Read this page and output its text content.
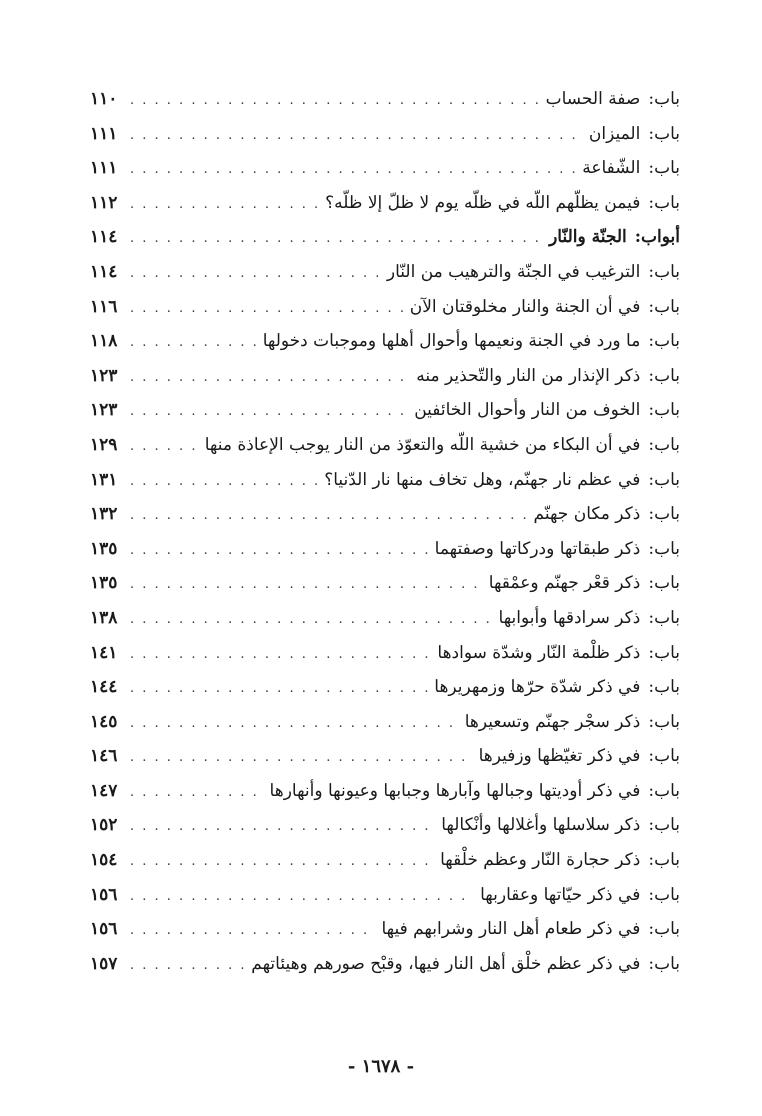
باب:
صفة الحساب
. . .
١١٠
باب:
الميزان
. . .
١١١
باب:
الشّفاعة
. . .
١١١
باب:
فيمن يظلّهم اللّه في ظلّه يوم لا ظلّ إلا ظلّه؟
. . .
١١٢
أبواب:
الجنّة والنّار
. . .
١١٤
باب:
الترغيب في الجنّة والترهيب من النّار
. . .
١١٤
باب:
في أن الجنة والنار مخلوقتان الآن
. . .
١١٦
باب:
ما ورد في الجنة ونعيمها وأحوال أهلها وموجبات دخولها
. . .
١١٨
باب:
ذكر الإنذار من النار والتّحذير منه
. . .
١٢٣
باب:
الخوف من النار وأحوال الخائفين
. . .
١٢٣
باب:
في أن البكاء من خشية اللّه والتعوّذ من النار يوجب الإعاذة منها
. . .
١٢٩
باب:
في عظم نار جهنّم، وهل تخاف منها نار الدّنيا؟
. . .
١٣١
باب:
ذكر مكان جهنّم
. . .
١٣٢
باب:
ذكر طبقاتها ودركاتها وصفتهما
. . .
١٣٥
باب:
ذكر قعْر جهنّم وعمْقها
. . .
١٣٥
باب:
ذكر سرادقها وأبوابها
. . .
١٣٨
باب:
ذكر ظلْمة النّار وشدّة سوادها
. . .
١٤١
باب:
في ذكر شدّة حرّها وزمهريرها
. . .
١٤٤
باب:
ذكر سجْر جهنّم وتسعيرها
. . .
١٤٥
باب:
في ذكر تغيّظها وزفيرها
. . .
١٤٦
باب:
في ذكر أوديتها وجبالها وآبارها وجبابها وعيونها وأنهارها
. . .
١٤٧
باب:
ذكر سلاسلها وأغلالها وأنْكالها
. . .
١٥٢
باب:
ذكر حجارة النّار وعظم خلْقها
. . .
١٥٤
باب:
في ذكر حيّاتها وعقاربها
. . .
١٥٦
باب:
في ذكر طعام أهل النار وشرابهم فيها
. . .
١٥٦
باب:
في ذكر عظم خلْق أهل النار فيها، وقبْح صورهم وهيئاتهم
. . .
١٥٧
- ١٦٧٨ -
